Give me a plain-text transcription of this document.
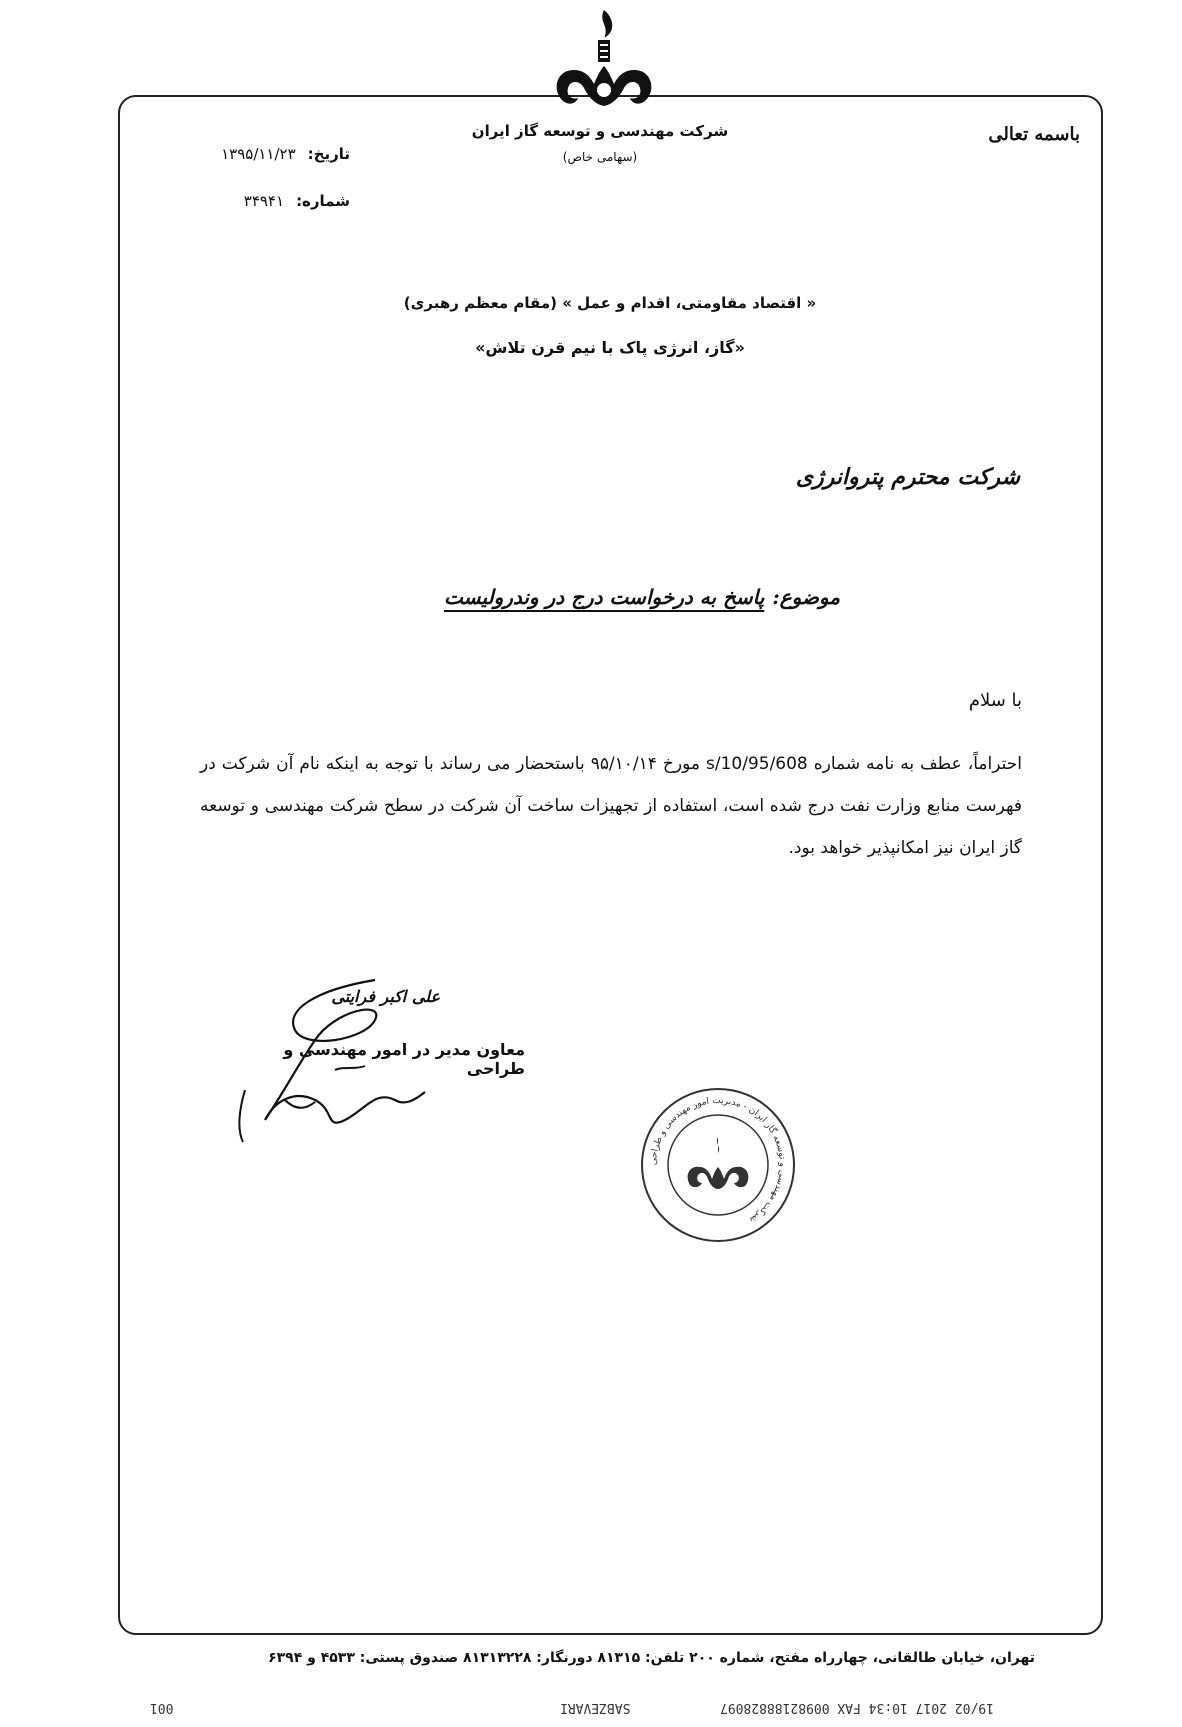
شرکت مهندسی و توسعه گاز ایران
(سهامی خاص)
باسمه تعالی
تاریخ:۱۳۹۵/۱۱/۲۳
شماره:۳۴۹۴۱
« اقتصاد مقاومتی، اقدام و عمل » (مقام معظم رهبری)
«گاز، انرژی پاک با نیم قرن تلاش»
شرکت محترم پتروانرژی
موضوع:پاسخ به درخواست درج در وندرولیست
با سلام
احتراماً، عطف به نامه شماره s/10/95/608 مورخ ۹۵/۱۰/۱۴ باستحضار می رساند با توجه به اینکه نام آن شرکت در فهرست منابع وزارت نفت درج شده است، استفاده از تجهیزات ساخت آن شرکت در سطح شرکت مهندسی و توسعه گاز ایران نیز امکانپذیر خواهد بود.
علی اکبر فرایتی
معاون مدیر در امور مهندسی و طراحی
شرکت مهندسی و توسعه گاز ایران - مدیریت امور مهندسی و طراحی
تهران، خیابان طالقانی، چهارراه مفتح، شماره ۲۰۰ تلفن: ۸۱۳۱۵ دورنگار: ۸۱۳۱۳۲۲۸ صندوق پستی: ۴۵۳۳ و ۶۳۹۴
001	SABZEVARI	19/02 2017 10:34 FAX 00982188828097
